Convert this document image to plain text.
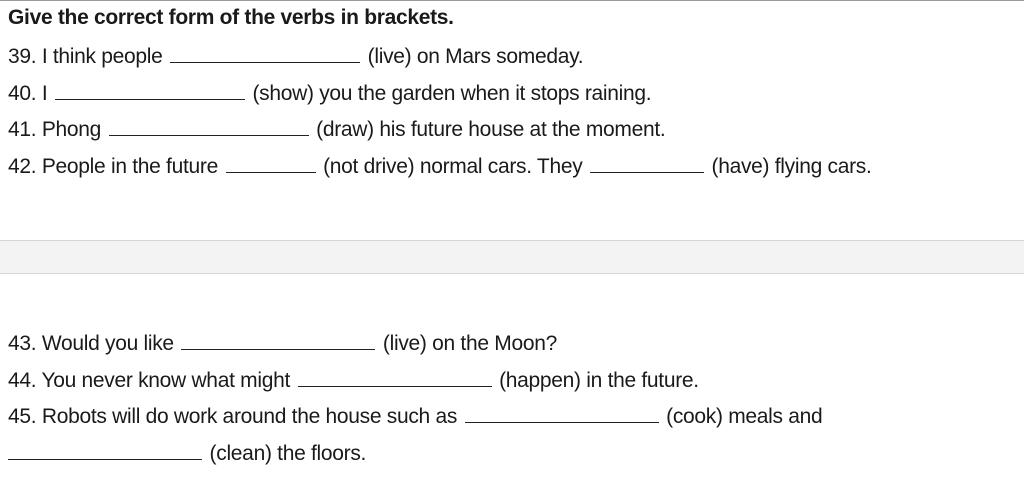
Give the correct form of the verbs in brackets.
39. I think people	(live) on Mars someday.
40. I	(show) you the garden when it stops raining.
41. Phong	(draw) his future house at the moment.
42. People in the future	(not drive) normal cars. They	(have) flying cars.
43. Would you like	(live) on the Moon?
44. You never know what might	(happen) in the future.
45. Robots will do work around the house such as	(cook) meals and
(clean) the floors.
